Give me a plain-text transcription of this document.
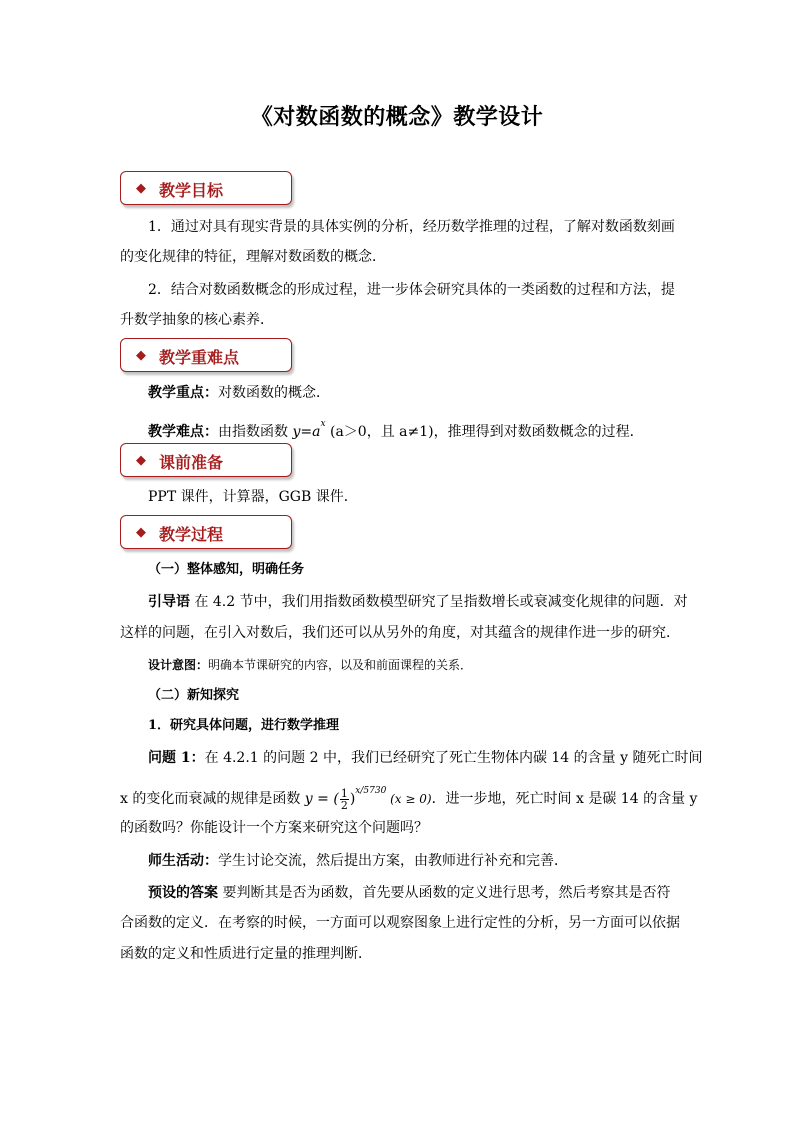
《对数函数的概念》教学设计
◆ 教学目标
1．通过对具有现实背景的具体实例的分析，经历数学推理的过程，了解对数函数刻画
的变化规律的特征，理解对数函数的概念．
2．结合对数函数概念的形成过程，进一步体会研究具体的一类函数的过程和方法，提
升数学抽象的核心素养．
◆ 教学重难点
教学重点：对数函数的概念．
教学难点：由指数函数 $y=a^x$ (a＞0，且 a≠1)，推理得到对数函数概念的过程．
◆ 课前准备
PPT 课件，计算器，GGB 课件．
◆ 教学过程
（一）整体感知，明确任务
引导语 在 4.2 节中，我们用指数函数模型研究了呈指数增长或衰减变化规律的问题．对
这样的问题，在引入对数后，我们还可以从另外的角度，对其蕴含的规律作进一步的研究．
设计意图：明确本节课研究的内容，以及和前面课程的关系．
（二）新知探究
1．研究具体问题，进行数学推理
问题 1：在 4.2.1 的问题 2 中，我们已经研究了死亡生物体内碳 14 的含量 y 随死亡时间
x 的变化而衰减的规律是函数 y = ( $\frac{1}{2} )^{x/5730}$ (x ≥ 0)．进一步地，死亡时间 x 是碳 14 的含量 y
的函数吗？你能设计一个方案来研究这个问题吗？
师生活动：学生讨论交流，然后提出方案，由教师进行补充和完善．
预设的答案 要判断其是否为函数，首先要从函数的定义进行思考，然后考察其是否符
合函数的定义．在考察的时候，一方面可以观察图象上进行定性的分析，另一方面可以依据
函数的定义和性质进行定量的推理判断．
